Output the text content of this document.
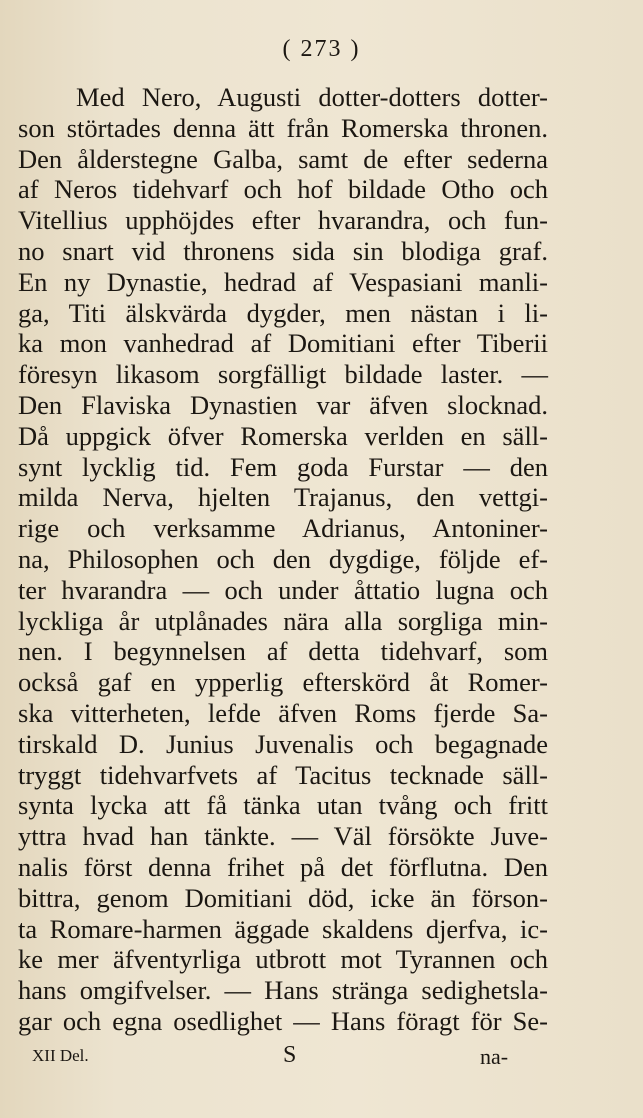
( 273 )
Med Nero, Augusti dotter-dotters dotter-
son störtades denna ätt från Romerska thronen.
Den ålderstegne Galba, samt de efter sederna
af Neros tidehvarf och hof bildade Otho och
Vitellius upphöjdes efter hvarandra, och fun-
no snart vid thronens sida sin blodiga graf.
En ny Dynastie, hedrad af Vespasiani manli-
ga, Titi älskvärda dygder, men nästan i li-
ka mon vanhedrad af Domitiani efter Tiberii
föresyn likasom sorgfälligt bildade laster. —
Den Flaviska Dynastien var äfven slocknad.
Då uppgick öfver Romerska verlden en säll-
synt lycklig tid. Fem goda Furstar — den
milda Nerva, hjelten Trajanus, den vettgi-
rige och verksamme Adrianus, Antoniner-
na, Philosophen och den dygdige, följde ef-
ter hvarandra — och under åttatio lugna och
lyckliga år utplånades nära alla sorgliga min-
nen. I begynnelsen af detta tidehvarf, som
också gaf en ypperlig efterskörd åt Romer-
ska vitterheten, lefde äfven Roms fjerde Sa-
tirskald D. Junius Juvenalis och begagnade
tryggt tidehvarfvets af Tacitus tecknade säll-
synta lycka att få tänka utan tvång och fritt
yttra hvad han tänkte. — Väl försökte Juve-
nalis först denna frihet på det förflutna. Den
bittra, genom Domitiani död, icke än förson-
ta Romare-harmen äggade skaldens djerfva, ic-
ke mer äfventyrliga utbrott mot Tyrannen och
hans omgifvelser. — Hans stränga sedighetsla-
gar och egna osedlighet — Hans föragt för Se-
XII Del.	S	na-
